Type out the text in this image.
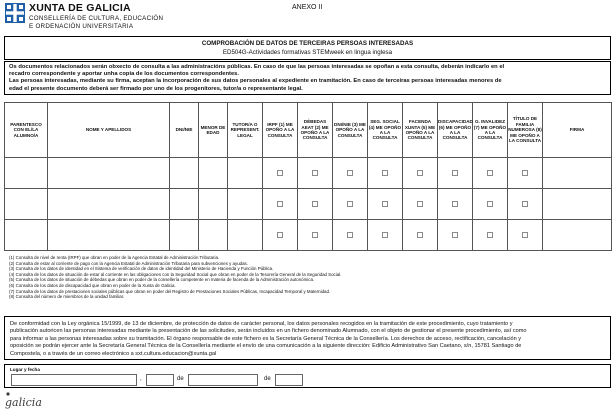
XUNTA DE GALICIA
CONSELLERÍA DE CULTURA, EDUCACIÓN
E ORDENACIÓN UNIVERSITARIA
ANEXO II
COMPROBACIÓN DE DATOS DE TERCEIRAS PERSOAS INTERESADAS
ED504G-Actividades formativas STEMweek en lingua inglesa

Os documentos relacionados serán obxecto de consulta a las administracións públicas. En caso de que las persoas interesadas se opoñan a esta consulta, deberán indicarlo en el

recadro correspondente y aportar unha copia de los documentos correspondentes.

Las persoas interesadas, mediante su firma, aceptan la incorporación de sus datos personales al expediente en tramitación. En caso de terceiras persoas interesadas menores de

edad el presente documento deberá ser firmado por uno de los progenitores, tutor/a o representante legal.

PARENTESCO CON EL/LA ALUMNO/A	NOME Y APELLIDOS	DNI/NIE	MENOR DE EDAD	TUTOR/A O REPRESENT. LEGAL	IRPF (1) ME OPOÑO A LA CONSULTA	DÉBEDAS AEAT (2) ME OPOÑO A LA CONSULTA	DNI/NIE (3) ME OPOÑO A LA CONSULTA	SEG. SOCIAL (4) ME OPOÑO A LA CONSULTA	FACENDA XUNTA (5) ME OPOÑO A LA CONSULTA	DISCAPACIDAD (6) ME OPOÑO A LA CONSULTA	G. INVALIDEZ (7) ME OPOÑO A LA CONSULTA	TÍTULO DE FAMILIA NUMEROSA (8) ME OPOÑO A LA CONSULTA	FIRMA

(1) Consulta de nivel de renta (IRPF) que obran en poder de la Agencia Estatal de Administración Tributaria.
(2) Consulta de estar al corriente de pago con la Agencia Estatal de Administración Tributaria para subvenciones y ayudas.
(3) Consulta de los datos de identidad en el Sistema de verificación de datos de identidad del Ministerio de Hacienda y Función Pública.
(4) Consulta de los datos de situación de estar al corriente en las obligaciones con la Seguridad Social que obran en poder de la Tesorería General de la Seguridad Social.
(5) Consulta de los datos de situación de débedas que obran en poder de la consellería competente en materia de facenda de la Administración autonómica.
(6) Consulta de los datos de discapacidad que obran en poder de la Xunta de Galicia.
(7) Consulta de los datos de prestaciones sociales públicas que obran en poder del Registro de Prestaciones Sociales Públicas, Incapacidad Temporal y Maternidad.
(8) Consulta del número de miembros de la unidad familiar.
De conformidad con la Ley orgánica 15/1999, de 13 de diciembre, de protección de datos de carácter personal, los datos personales recogidos en la tramitación de este procedimiento, cuyo tratamiento y
publicación autoricen las personas interesadas mediante la presentación de las solicitudes, serán incluidos en un fichero denominado Alumnado, con el objeto de gestionar el presente procedimiento, así como
para informar a las personas interesadas sobre su tramitación. El órgano responsable de este fichero es la Secretaría General Técnica de la Consellería. Los derechos de acceso, rectificación, cancelación y
oposición se podrán ejercer ante la Secretaría General Técnica de la Consellería mediante el envío de una comunicación a la siguiente dirección: Edificio Administrativo San Caetano, s/n, 15781 Santiago de
Compostela, o a través de un correo electrónico a sxt.cultura.educacion@xunta.gal
Lugar y fecha
,	de	de
galicia
